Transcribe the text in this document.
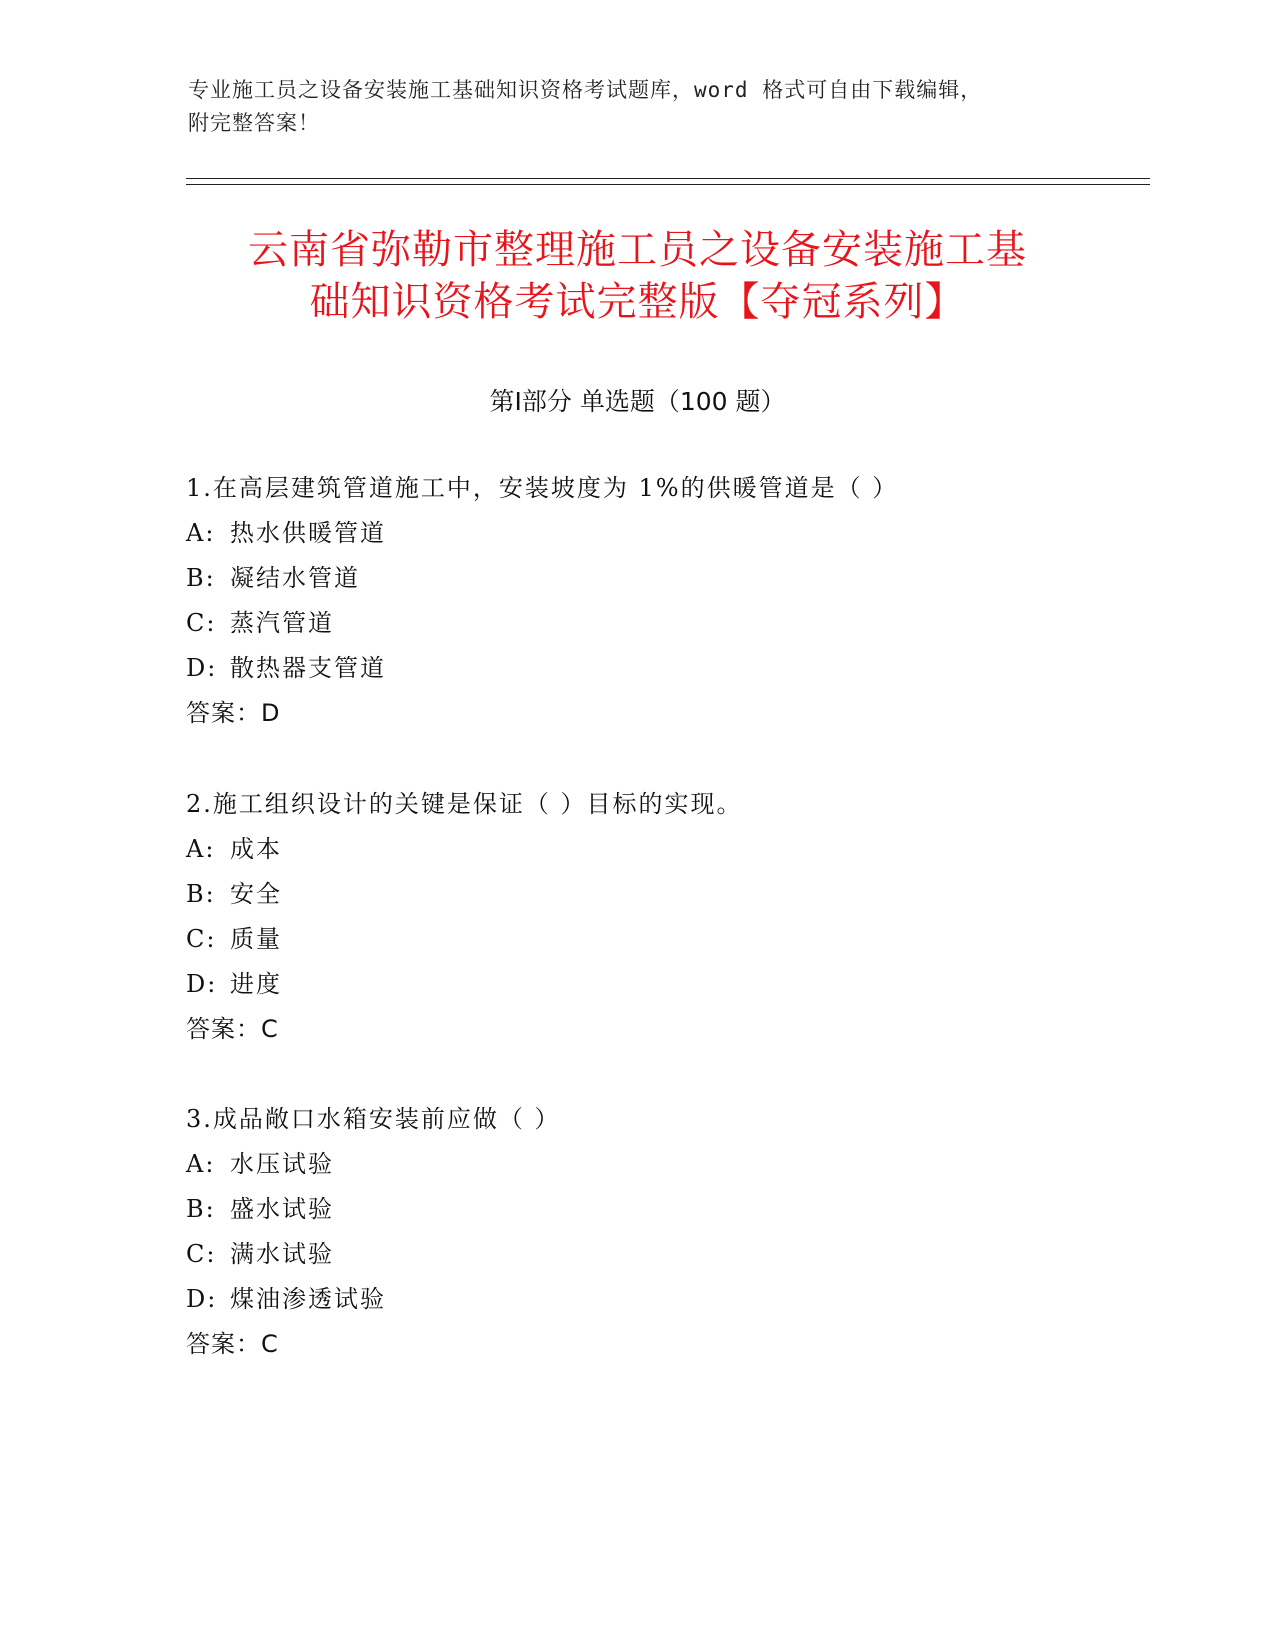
专业施工员之设备安装施工基础知识资格考试题库，word 格式可自由下载编辑，
附完整答案！
云南省弥勒市整理施工员之设备安装施工基
础知识资格考试完整版【夺冠系列】
第Ⅰ部分 单选题（100 题）
1.在高层建筑管道施工中，安装坡度为 1%的供暖管道是（ ）
A: 热水供暖管道
B: 凝结水管道
C: 蒸汽管道
D: 散热器支管道
答案：D
2.施工组织设计的关键是保证（ ）目标的实现。
A: 成本
B: 安全
C: 质量
D: 进度
答案：C
3.成品敞口水箱安装前应做（ ）
A: 水压试验
B: 盛水试验
C: 满水试验
D: 煤油渗透试验
答案：C
